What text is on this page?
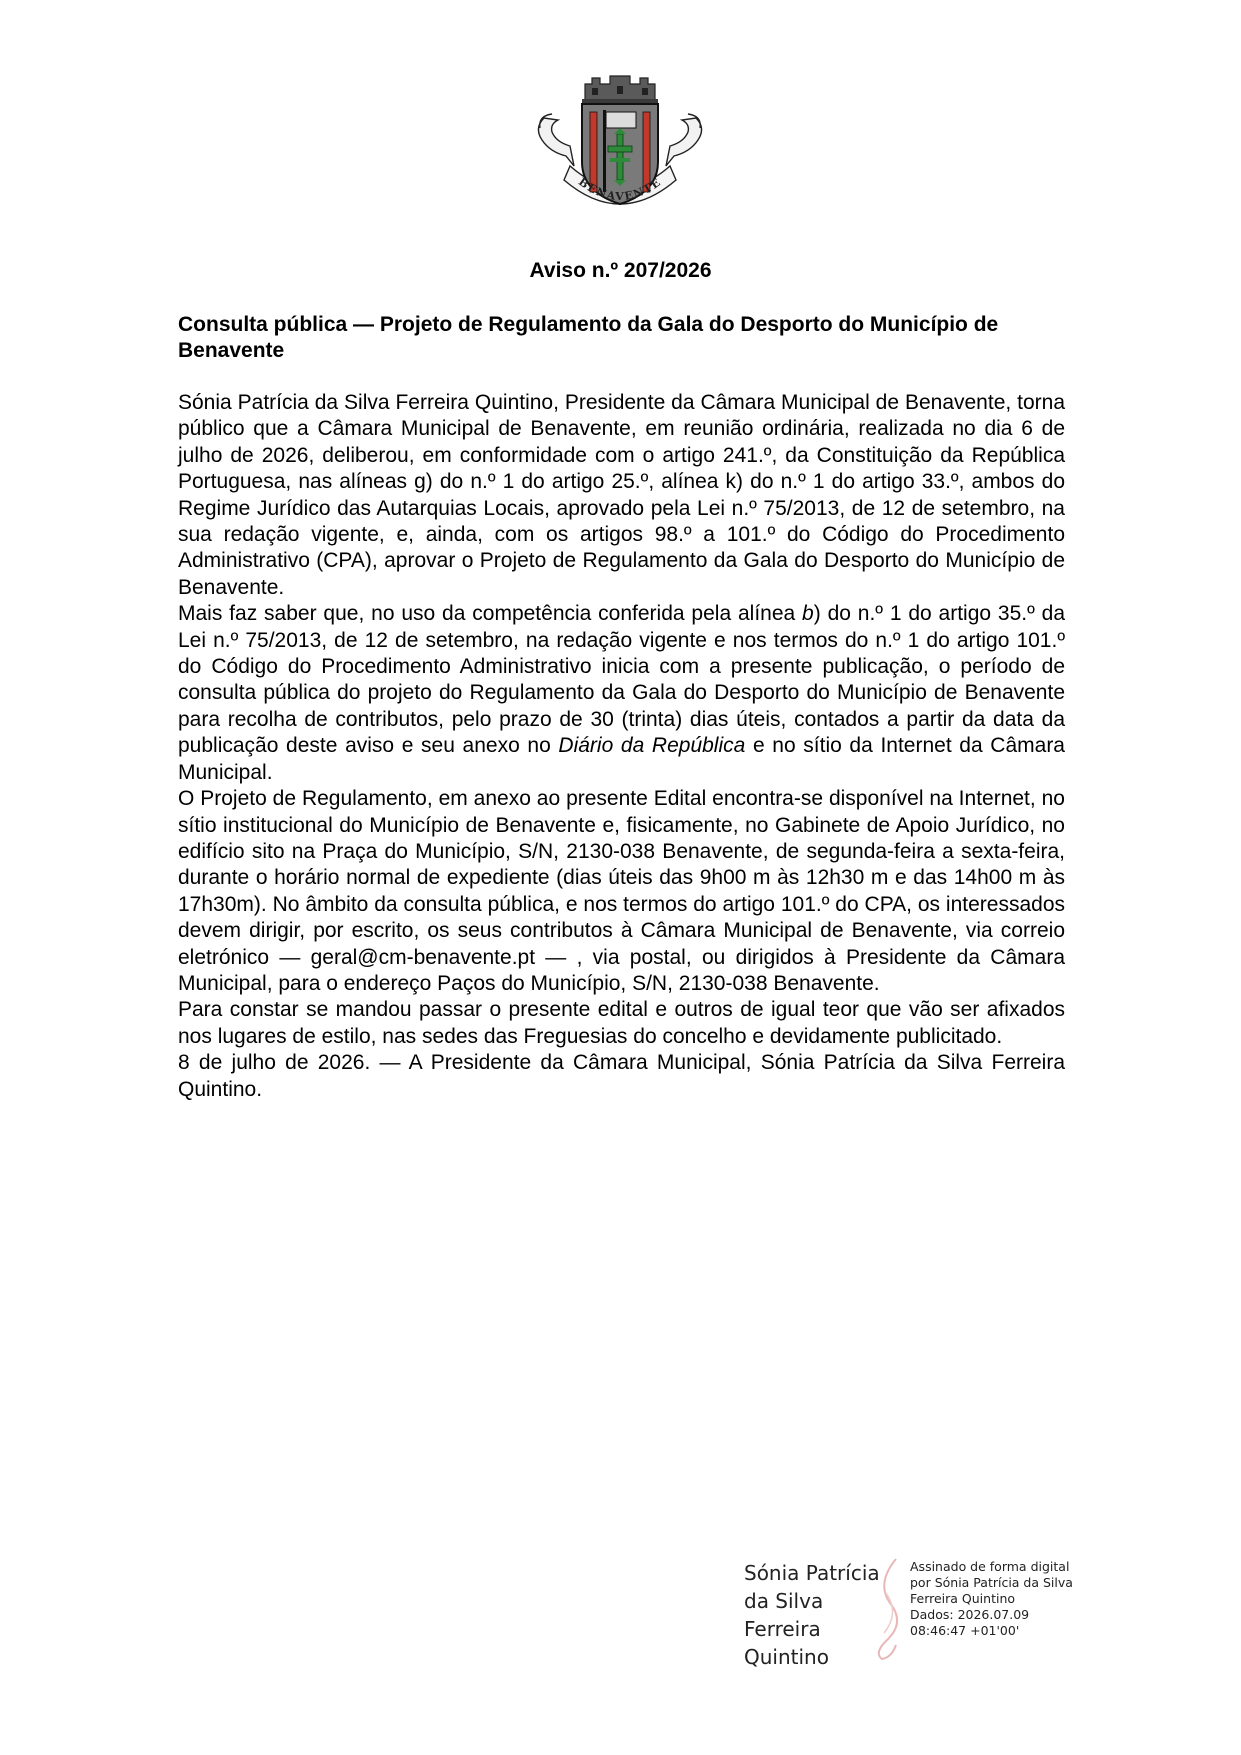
BENAVENTE
Aviso n.º 207/2026
Consulta pública — Projeto de Regulamento da Gala do Desporto do Município de Benavente

Sónia Patrícia da Silva Ferreira Quintino, Presidente da Câmara Municipal de Benavente, torna público que a Câmara Municipal de Benavente, em reunião ordinária, realizada no dia 6 de julho de 2026, deliberou, em conformidade com o artigo 241.º, da Constituição da República Portuguesa, nas alíneas g) do n.º 1 do artigo 25.º, alínea k) do n.º 1 do artigo 33.º, ambos do Regime Jurídico das Autarquias Locais, aprovado pela Lei n.º 75/2013, de 12 de setembro, na sua redação vigente, e, ainda, com os artigos 98.º a 101.º do Código do Procedimento Administrativo (CPA), aprovar o Projeto de Regulamento da Gala do Desporto do Município de Benavente.

Mais faz saber que, no uso da competência conferida pela alínea b) do n.º 1 do artigo 35.º da Lei n.º 75/2013, de 12 de setembro, na redação vigente e nos termos do n.º 1 do artigo 101.º do Código do Procedimento Administrativo inicia com a presente publicação, o período de consulta pública do projeto do Regulamento da Gala do Desporto do Município de Benavente para recolha de contributos, pelo prazo de 30 (trinta) dias úteis, contados a partir da data da publicação deste aviso e seu anexo no Diário da República e no sítio da Internet da Câmara Municipal.

O Projeto de Regulamento, em anexo ao presente Edital encontra-se disponível na Internet, no sítio institucional do Município de Benavente e, fisicamente, no Gabinete de Apoio Jurídico, no edifício sito na Praça do Município, S/N, 2130-038 Benavente, de segunda-feira a sexta-feira, durante o horário normal de expediente (dias úteis das 9h00 m às 12h30 m e das 14h00 m às 17h30m). No âmbito da consulta pública, e nos termos do artigo 101.º do CPA, os interessados devem dirigir, por escrito, os seus contributos à Câmara Municipal de Benavente, via correio eletrónico — geral@cm-benavente.pt — , via postal, ou dirigidos à Presidente da Câmara Municipal, para o endereço Paços do Município, S/N, 2130-038 Benavente.

Para constar se mandou passar o presente edital e outros de igual teor que vão ser afixados nos lugares de estilo, nas sedes das Freguesias do concelho e devidamente publicitado.

8 de julho de 2026. — A Presidente da Câmara Municipal, Sónia Patrícia da Silva Ferreira Quintino.

Sónia Patrícia
da Silva Ferreira
Quintino
Assinado de forma digital
por Sónia Patrícia da Silva
Ferreira Quintino
Dados: 2026.07.09
08:46:47 +01'00'
